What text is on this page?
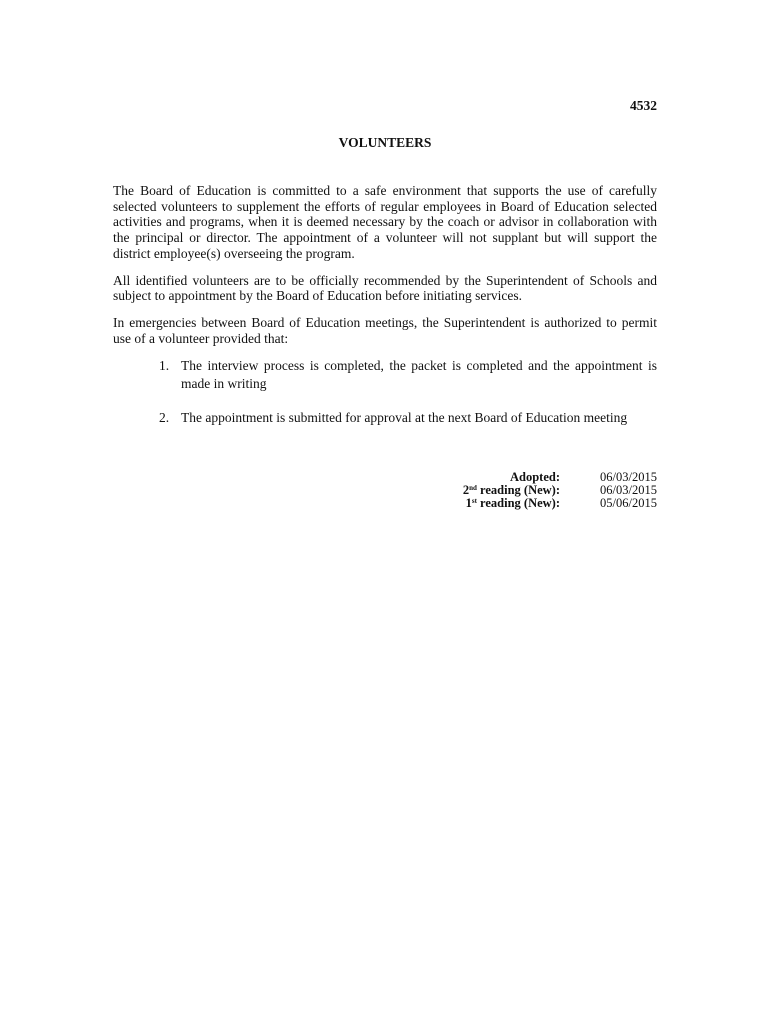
4532
VOLUNTEERS

The Board of Education is committed to a safe environment that supports the use of carefully selected volunteers to supplement the efforts of regular employees in Board of Education selected activities and programs, when it is deemed necessary by the coach or advisor in collaboration with the principal or director. The appointment of a volunteer will not supplant but will support the district employee(s) overseeing the program.

All identified volunteers are to be officially recommended by the Superintendent of Schools and subject to appointment by the Board of Education before initiating services.

In emergencies between Board of Education meetings, the Superintendent is authorized to permit use of a volunteer provided that:

1. The interview process is completed, the packet is completed and the appointment is made in writing
2. The appointment is submitted for approval at the next Board of Education meeting
Adopted:	06/03/2015
2nd reading (New):	06/03/2015
1st reading (New):	05/06/2015
